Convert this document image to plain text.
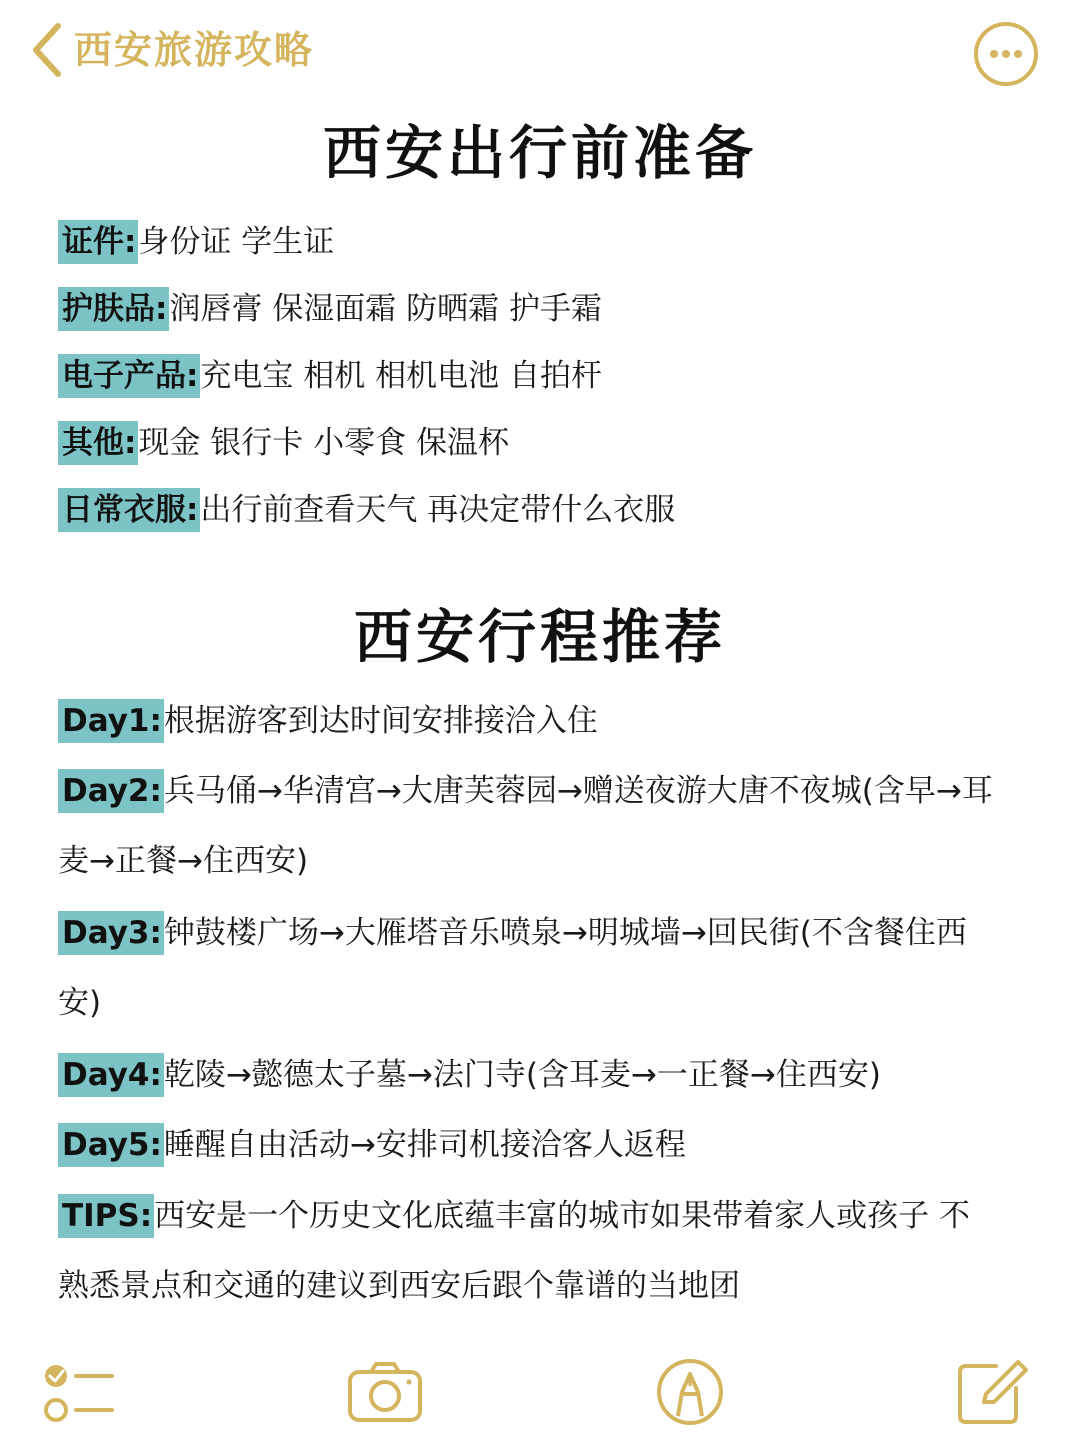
西安旅游攻略
西安出行前准备
证件:身份证 学生证
护肤品:润唇膏 保湿面霜 防晒霜 护手霜
电子产品:充电宝 相机 相机电池 自拍杆
其他:现金 银行卡 小零食 保温杯
日常衣服:出行前查看天气 再决定带什么衣服
西安行程推荐
Day1:根据游客到达时间安排接洽入住
Day2:兵马俑→华清宫→大唐芙蓉园→赠送夜游大唐不夜城(含早→耳麦→正餐→住西安)
Day3:钟鼓楼广场→大雁塔音乐喷泉→明城墙→回民街(不含餐住西安)
Day4:乾陵→懿德太子墓→法门寺(含耳麦→一正餐→住西安)
Day5:睡醒自由活动→安排司机接洽客人返程
TIPS:西安是一个历史文化底蕴丰富的城市如果带着家人或孩子 不熟悉景点和交通的建议到西安后跟个靠谱的当地团
